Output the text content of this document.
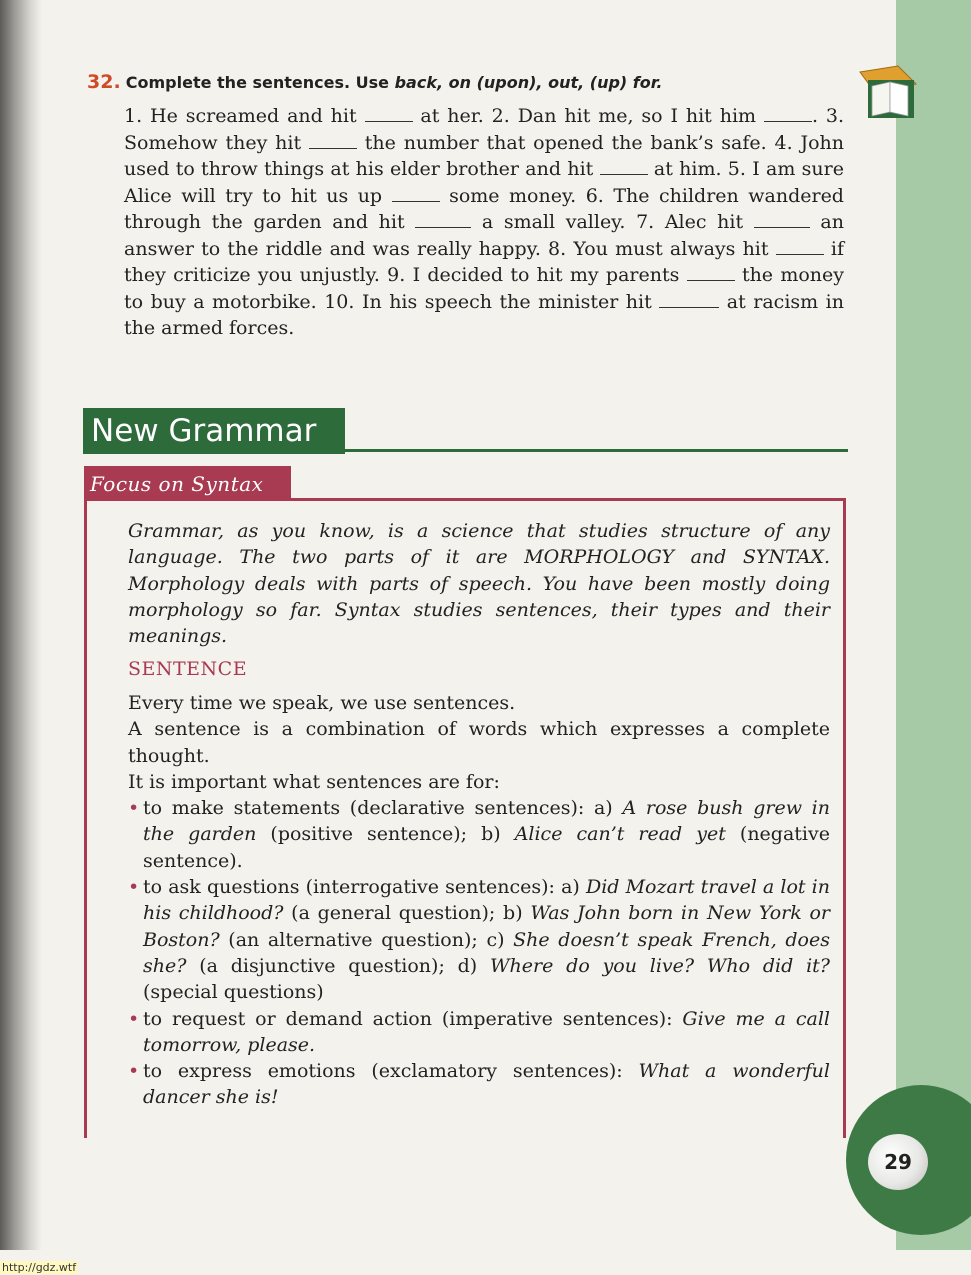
29
32. Complete the sentences. Use back, on (upon), out, (up) for.
1. He screamed and hit	at her. 2. Dan hit me, so I hit him	. 3. Somehow they hit	the number that opened the bank’s safe. 4. John used to throw things at his elder brother and hit	at him. 5. I am sure Alice will try to hit us up	some money. 6. The children wandered through the garden and hit	a small valley. 7. Alec hit	an answer to the riddle and was really happy. 8. You must always hit	if they criticize you unjustly. 9. I decided to hit my parents	the money to buy a motorbike. 10. In his speech the minister hit	at racism in the armed forces.
New Grammar
Focus on Syntax
Grammar, as you know, is a science that studies structure of any language. The two parts of it are MORPHOLOGY and SYNTAX. Morphology deals with parts of speech. You have been mostly doing morphology so far. Syntax studies sentences, their types and their meanings.
SENTENCE

Every time we speak, we use sentences.

A sentence is a combination of words which expresses a complete thought.

It is important what sentences are for:

• to make statements (declarative sentences): a) A rose bush grew in the garden (positive sentence); b) Alice can’t read yet (negative sentence).

• to ask questions (interrogative sentences): a) Did Mozart travel a lot in his childhood? (a general question); b) Was John born in New York or Boston? (an alternative question); c) She doesn’t speak French, does she? (a disjunctive question); d) Where do you live? Who did it? (special questions)

• to request or demand action (imperative sentences): Give me a call tomorrow, please.

• to express emotions (exclamatory sentences): What a wonderful dancer she is!

http://gdz.wtf
